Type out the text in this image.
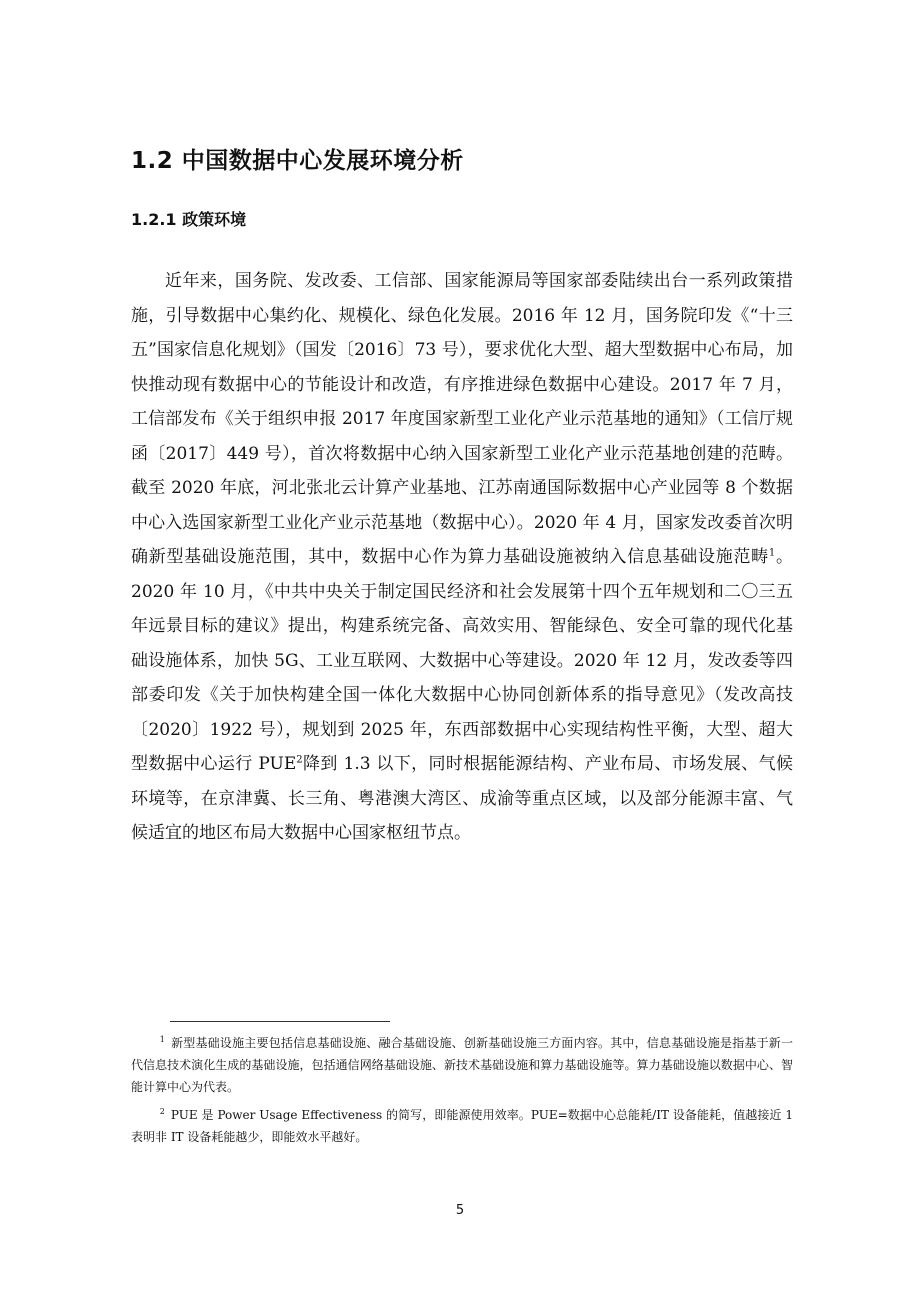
1.2 中国数据中心发展环境分析
1.2.1 政策环境

近年来，国务院、发改委、工信部、国家能源局等国家部委陆续出台一系列政策措施，引导数据中心集约化、规模化、绿色化发展。2016 年 12 月，国务院印发《“十三五”国家信息化规划》（国发〔2016〕73 号），要求优化大型、超大型数据中心布局，加快推动现有数据中心的节能设计和改造，有序推进绿色数据中心建设。2017 年 7 月，工信部发布《关于组织申报 2017 年度国家新型工业化产业示范基地的通知》（工信厅规函〔2017〕449 号），首次将数据中心纳入国家新型工业化产业示范基地创建的范畴。截至 2020 年底，河北张北云计算产业基地、江苏南通国际数据中心产业园等 8 个数据中心入选国家新型工业化产业示范基地（数据中心）。2020 年 4 月，国家发改委首次明确新型基础设施范围，其中，数据中心作为算力基础设施被纳入信息基础设施范畴$^1$。2020 年 10 月，《中共中央关于制定国民经济和社会发展第十四个五年规划和二〇三五年远景目标的建议》提出，构建系统完备、高效实用、智能绿色、安全可靠的现代化基础设施体系，加快 5G、工业互联网、大数据中心等建设。2020 年 12 月，发改委等四部委印发《关于加快构建全国一体化大数据中心协同创新体系的指导意见》（发改高技〔2020〕1922 号），规划到 2025 年，东西部数据中心实现结构性平衡，大型、超大型数据中心运行 PUE$^2$降到 1.3 以下，同时根据能源结构、产业布局、市场发展、气候环境等，在京津冀、长三角、粤港澳大湾区、成渝等重点区域，以及部分能源丰富、气候适宜的地区布局大数据中心国家枢纽节点。

$^1$ 新型基础设施主要包括信息基础设施、融合基础设施、创新基础设施三方面内容。其中，信息基础设施是指基于新一代信息技术演化生成的基础设施，包括通信网络基础设施、新技术基础设施和算力基础设施等。算力基础设施以数据中心、智能计算中心为代表。

$^2$ PUE 是 Power Usage Effectiveness 的简写，即能源使用效率。PUE=数据中心总能耗/IT 设备能耗，值越接近 1 表明非 IT 设备耗能越少，即能效水平越好。

5
